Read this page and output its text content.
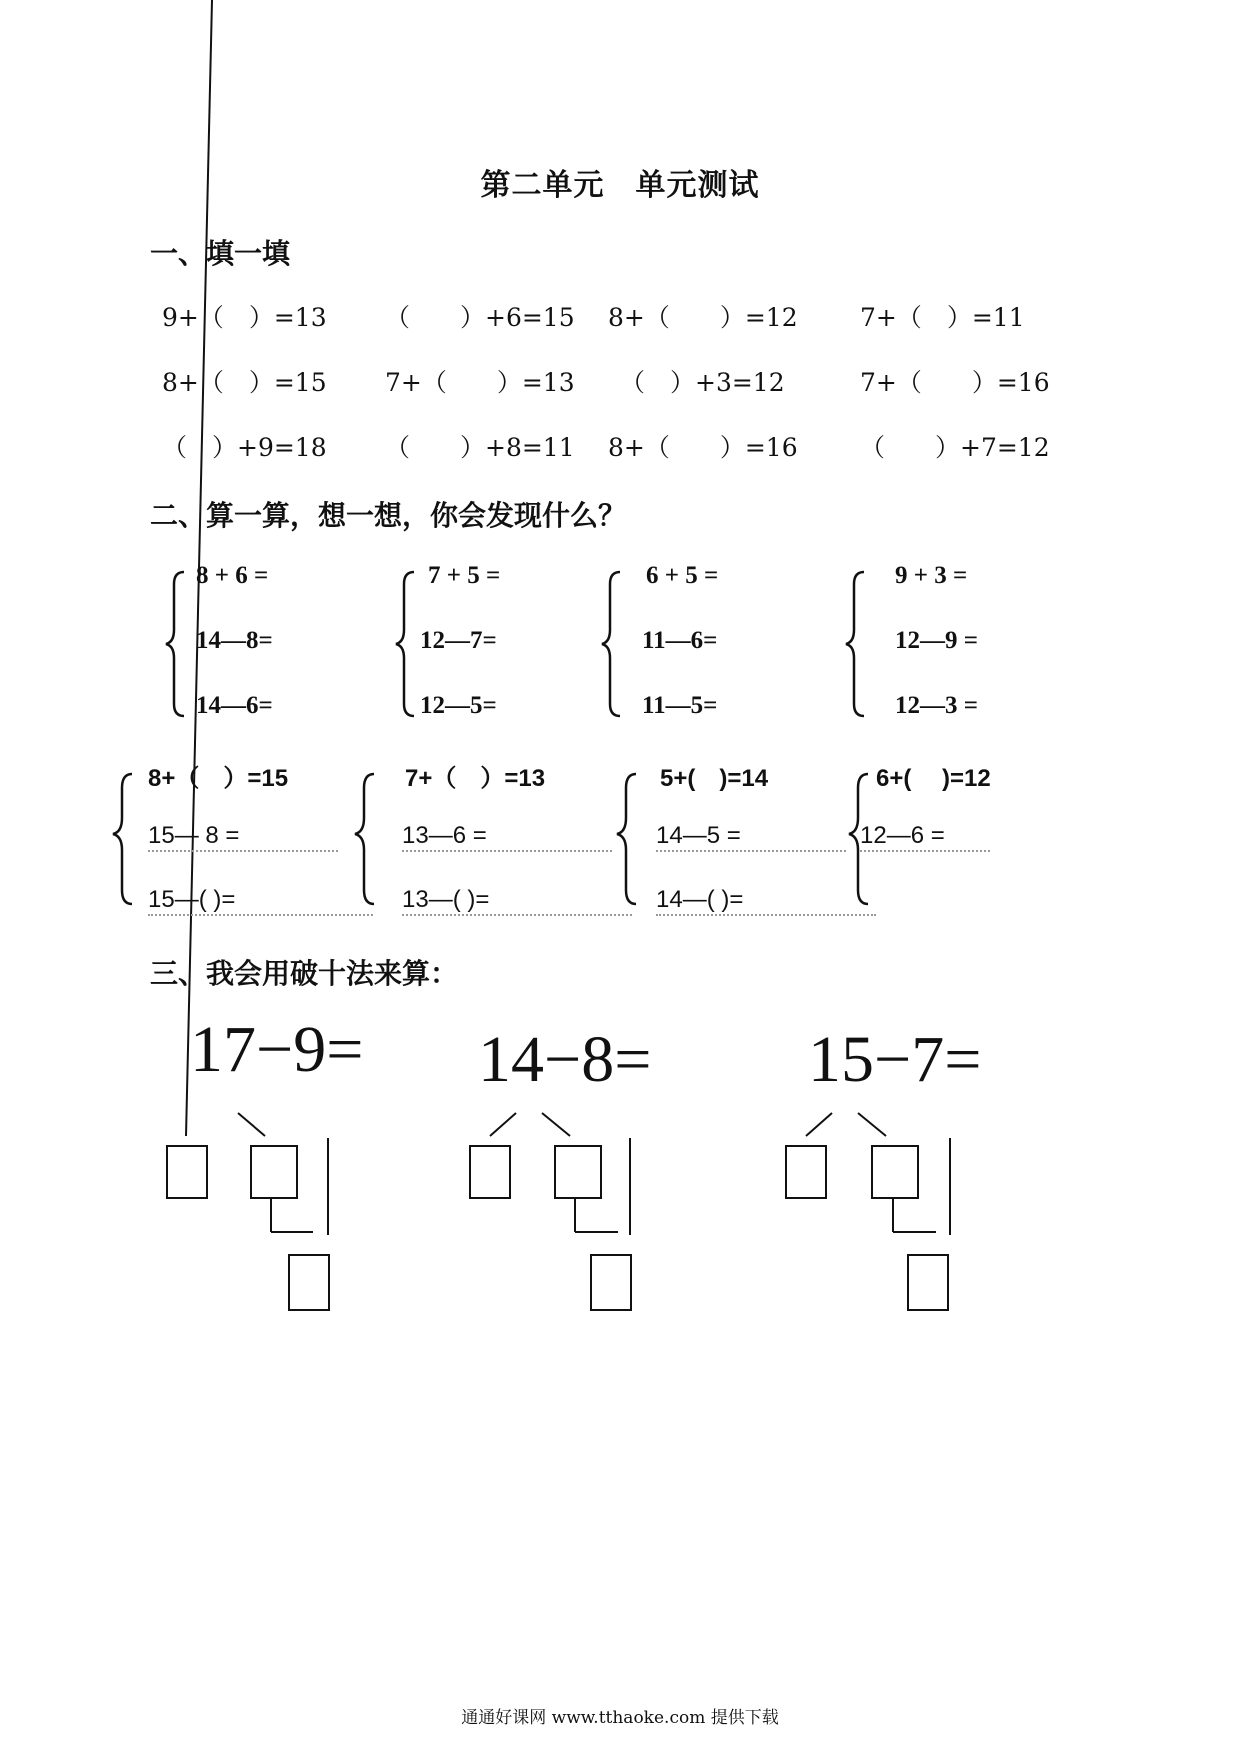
第二单元　单元测试
一、填一填
9+（　）=13 （　　）+6=15 8+（　　）=12 7+（　）=11
8+（　）=15 7+（　　）=13 （　）+3=12	7+（　　）=16
（　）+9=18 （　　）+8=11 8+（　　）=16 （　　）+7=12
二、算一算，想一想，你会发现什么？
8 + 6 =
14—8=
14—6=
7 + 5 =
12—7=
12—5=
6 + 5 =
11—6=
11—5=
9 + 3 =
12—9 =
12—3 =
8+（　）=15
15— 8 =
15—( )=
7+（　）=13
13—6 =
13—( )=
5+(　)=14
14—5 =
14—( )=
6+(　 )=12
12—6 =
三、我会用破十法来算：
17−9= 14−8= 15−7=
通通好课网 www.tthaoke.com 提供下载
